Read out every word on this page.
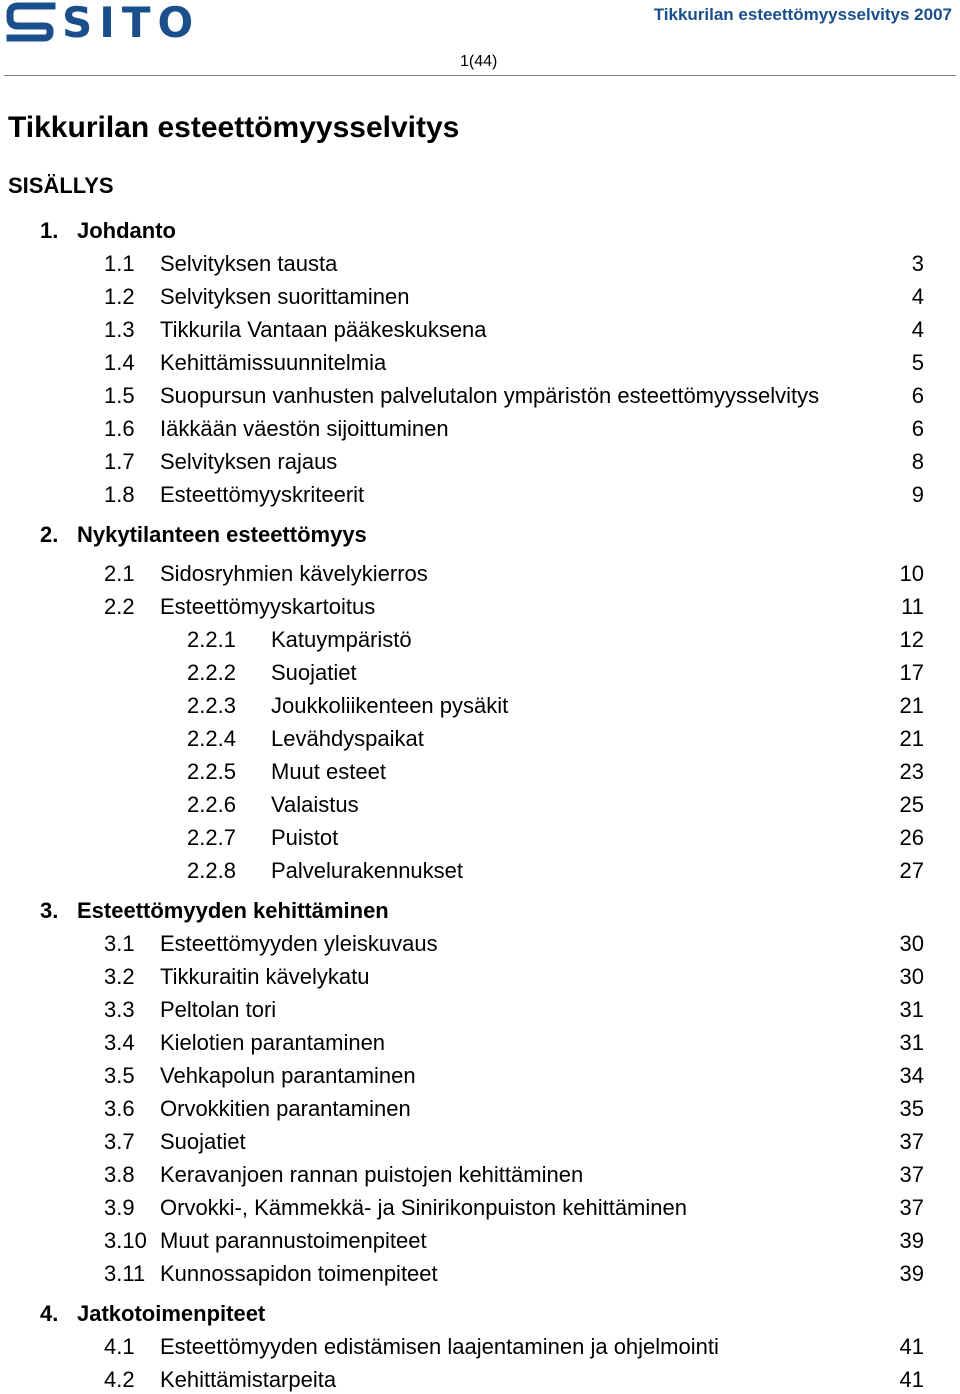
SITO	Tikkurilan esteettömyysselvitys 2007
1(44)
Tikkurilan esteettömyysselvitys
SISÄLLYS
1. Johdanto
1.1 Selvityksen tausta	3
1.2 Selvityksen suorittaminen	4
1.3 Tikkurila Vantaan pääkeskuksena	4
1.4 Kehittämissuunnitelmia	5
1.5 Suopursun vanhusten palvelutalon ympäristön esteettömyysselvitys	6
1.6 Iäkkään väestön sijoittuminen	6
1.7 Selvityksen rajaus	8
1.8 Esteettömyyskriteerit	9
2. Nykytilanteen esteettömyys
2.1 Sidosryhmien kävelykierros	10
2.2 Esteettömyyskartoitus	11
2.2.1 Katuympäristö	12
2.2.2 Suojatiet	17
2.2.3 Joukkoliikenteen pysäkit	21
2.2.4 Levähdyspaikat	21
2.2.5 Muut esteet	23
2.2.6 Valaistus	25
2.2.7 Puistot	26
2.2.8 Palvelurakennukset	27
3. Esteettömyyden kehittäminen
3.1 Esteettömyyden yleiskuvaus	30
3.2 Tikkuraitin kävelykatu	30
3.3 Peltolan tori	31
3.4 Kielotien parantaminen	31
3.5 Vehkapolun parantaminen	34
3.6 Orvokkitien parantaminen	35
3.7 Suojatiet	37
3.8 Keravanjoen rannan puistojen kehittäminen	37
3.9 Orvokki-, Kämmekkä- ja Sinirikonpuiston kehittäminen	37
3.10 Muut parannustoimenpiteet	39
3.11 Kunnossapidon toimenpiteet	39
4. Jatkotoimenpiteet
4.1 Esteettömyyden edistämisen laajentaminen ja ohjelmointi	41
4.2 Kehittämistarpeita	41
